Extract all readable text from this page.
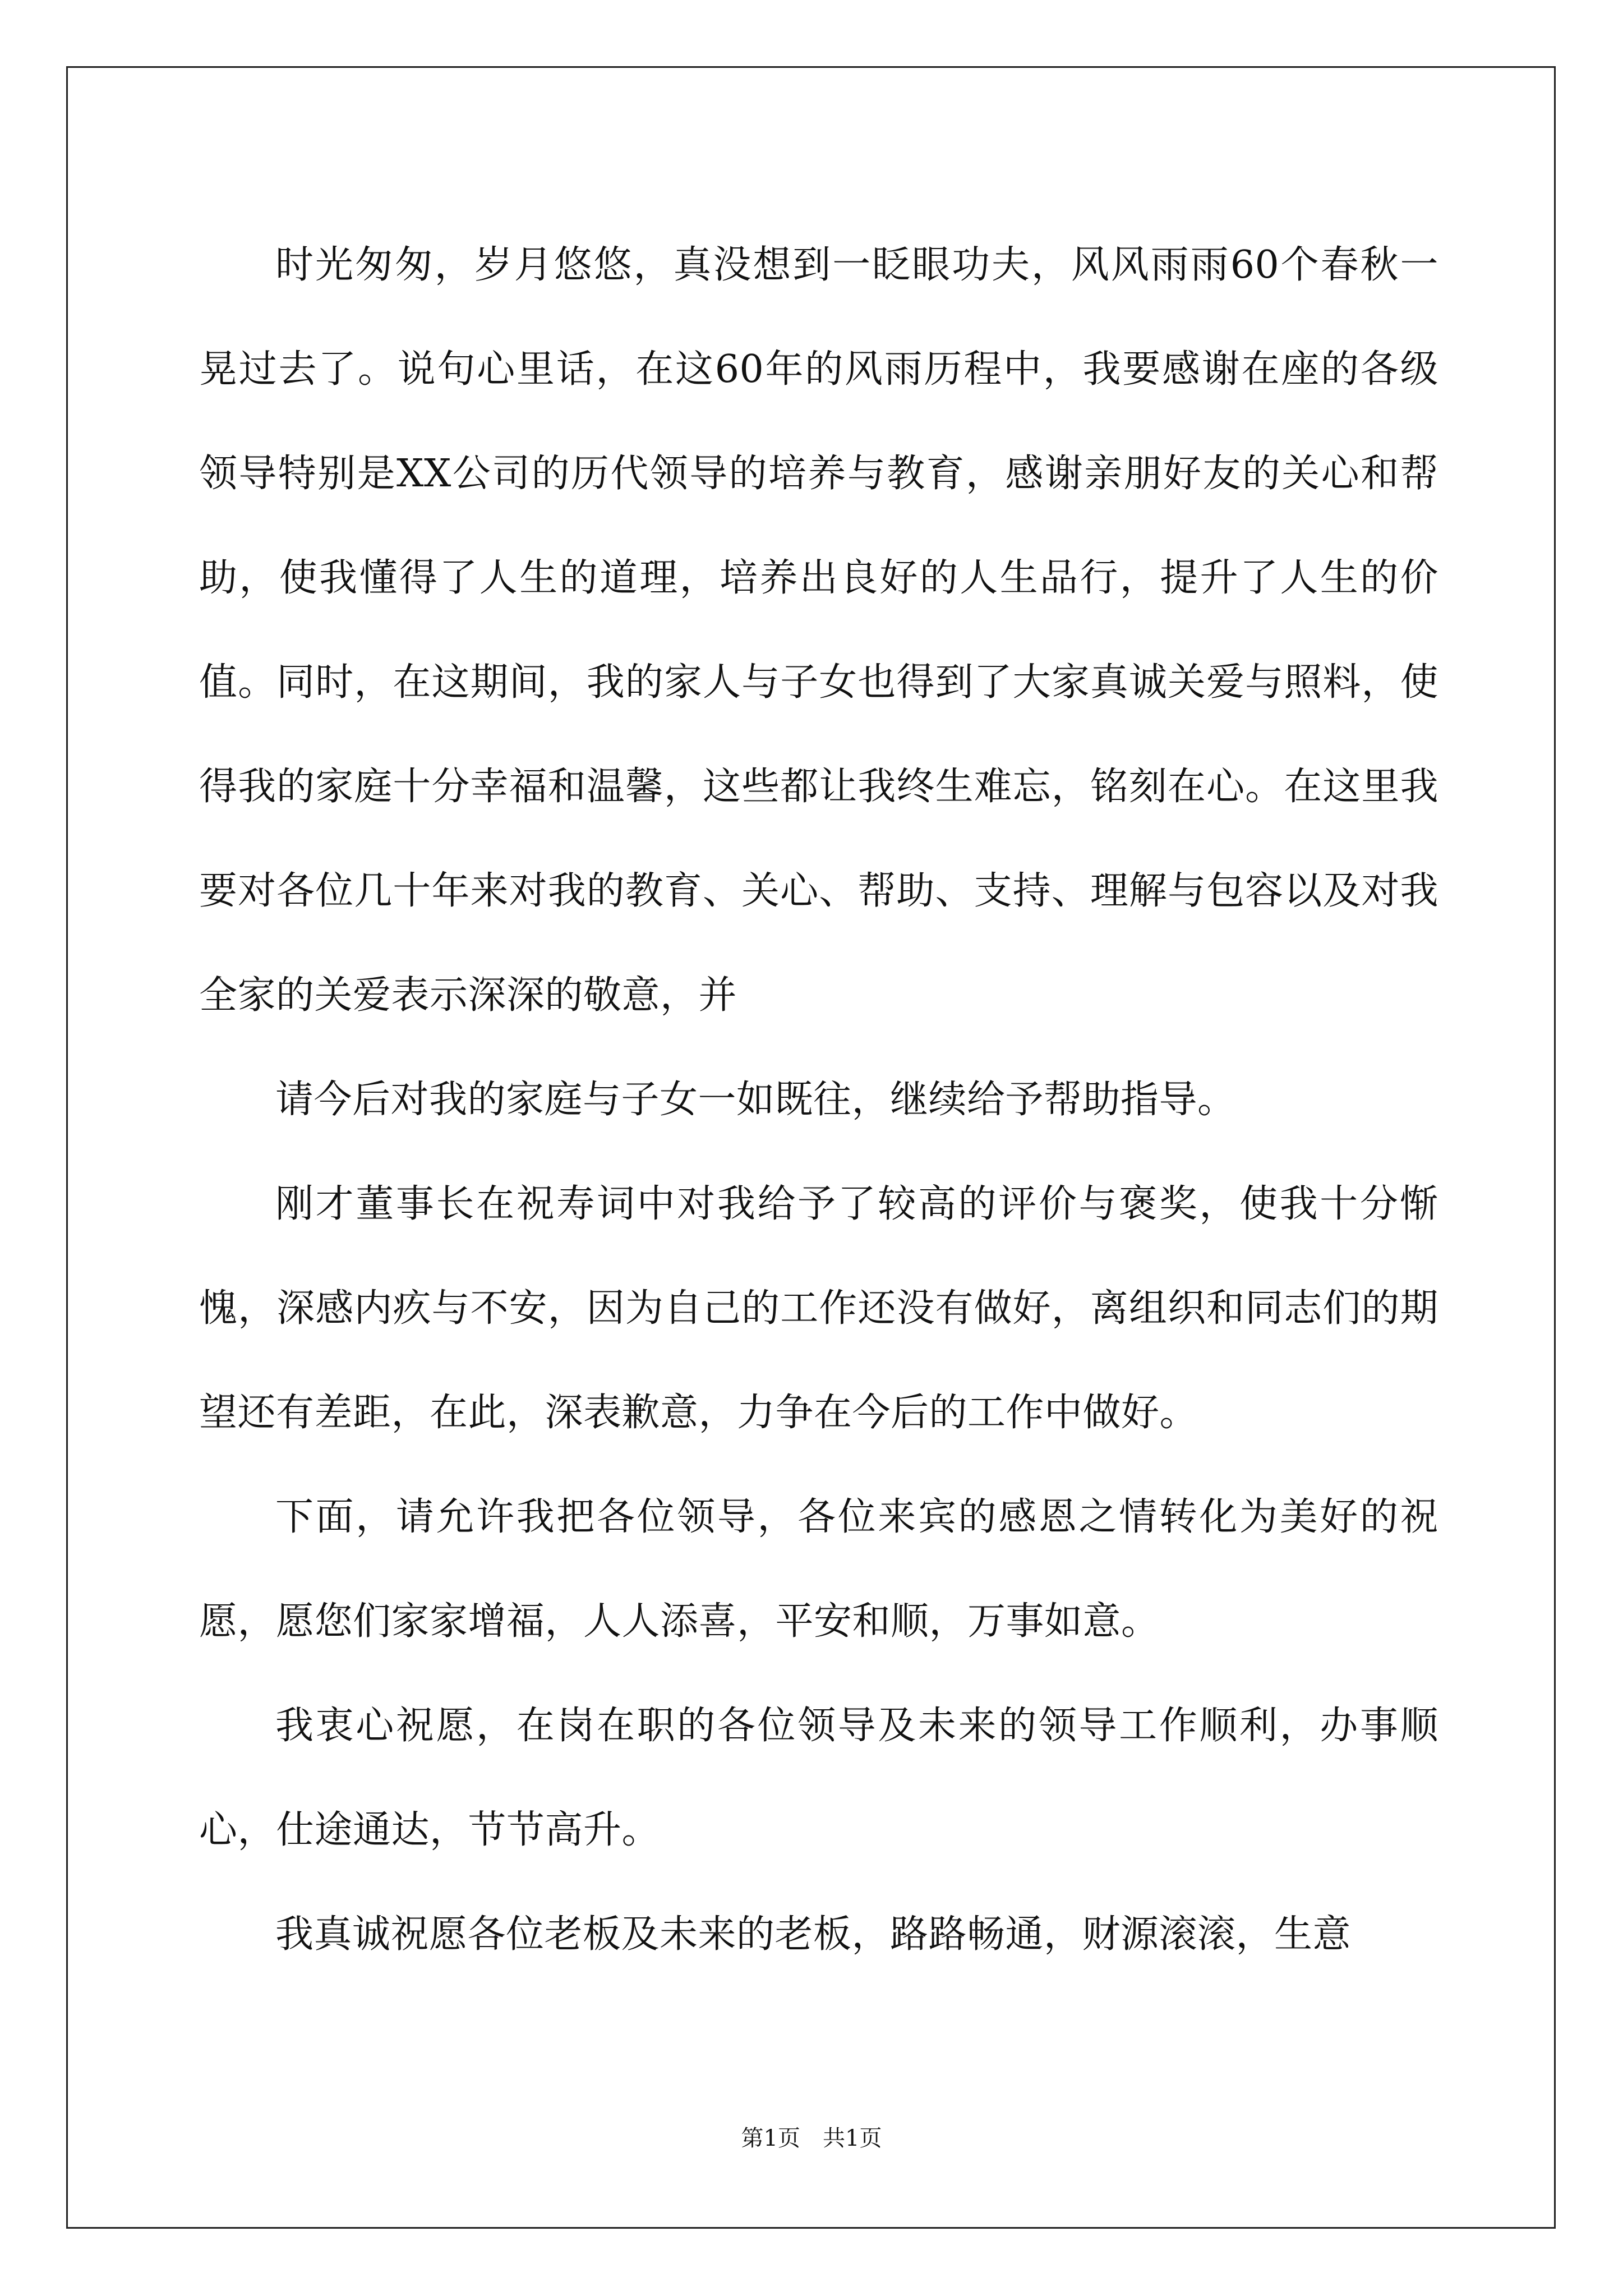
时光匆匆，岁月悠悠，真没想到一眨眼功夫，风风雨雨60个春秋一晃过去了。说句心里话，在这60年的风雨历程中，我要感谢在座的各级领导特别是XX公司的历代领导的培养与教育，感谢亲朋好友的关心和帮助，使我懂得了人生的道理，培养出良好的人生品行，提升了人生的价值。同时，在这期间，我的家人与子女也得到了大家真诚关爱与照料，使得我的家庭十分幸福和温馨，这些都让我终生难忘，铭刻在心。在这里我要对各位几十年来对我的教育、关心、帮助、支持、理解与包容以及对我全家的关爱表示深深的敬意，并

请今后对我的家庭与子女一如既往，继续给予帮助指导。

刚才董事长在祝寿词中对我给予了较高的评价与褒奖，使我十分惭愧，深感内疚与不安，因为自己的工作还没有做好，离组织和同志们的期望还有差距，在此，深表歉意，力争在今后的工作中做好。

下面，请允许我把各位领导，各位来宾的感恩之情转化为美好的祝愿，愿您们家家增福，人人添喜，平安和顺，万事如意。

我衷心祝愿，在岗在职的各位领导及未来的领导工作顺利，办事顺心，仕途通达，节节高升。

我真诚祝愿各位老板及未来的老板，路路畅通，财源滚滚，生意

第1页 共1页
